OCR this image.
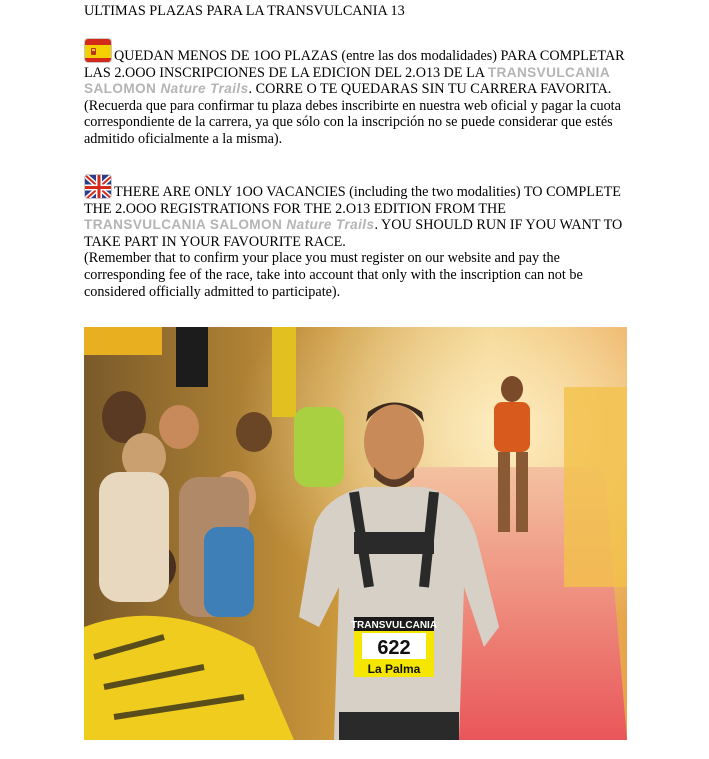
ULTIMAS PLAZAS PARA LA TRANSVULCANIA 13
QUEDAN MENOS DE 1OO PLAZAS (entre las dos modalidades) PARA COMPLETAR LAS 2.OOO INSCRIPCIONES DE LA EDICION DEL 2.O13 DE LA TRANSVULCANIA SALOMON Nature Trails. CORRE O TE QUEDARAS SIN TU CARRERA FAVORITA.
(Recuerda que para confirmar tu plaza debes inscribirte en nuestra web oficial y pagar la cuota correspondiente de la carrera, ya que sólo con la inscripción no se puede considerar que estés admitido oficialmente a la misma).
THERE ARE ONLY 1OO VACANCIES (including the two modalities) TO COMPLETE THE 2.OOO REGISTRATIONS FOR THE 2.O13 EDITION FROM THE TRANSVULCANIA SALOMON Nature Trails. YOU SHOULD RUN IF YOU WANT TO TAKE PART IN YOUR FAVOURITE RACE.
(Remember that to confirm your place you must register on our website and pay the corresponding fee of the race, take into account that only with the inscription can not be considered officially admitted to participate).
TRANSVULCANIA
622
La Palma
